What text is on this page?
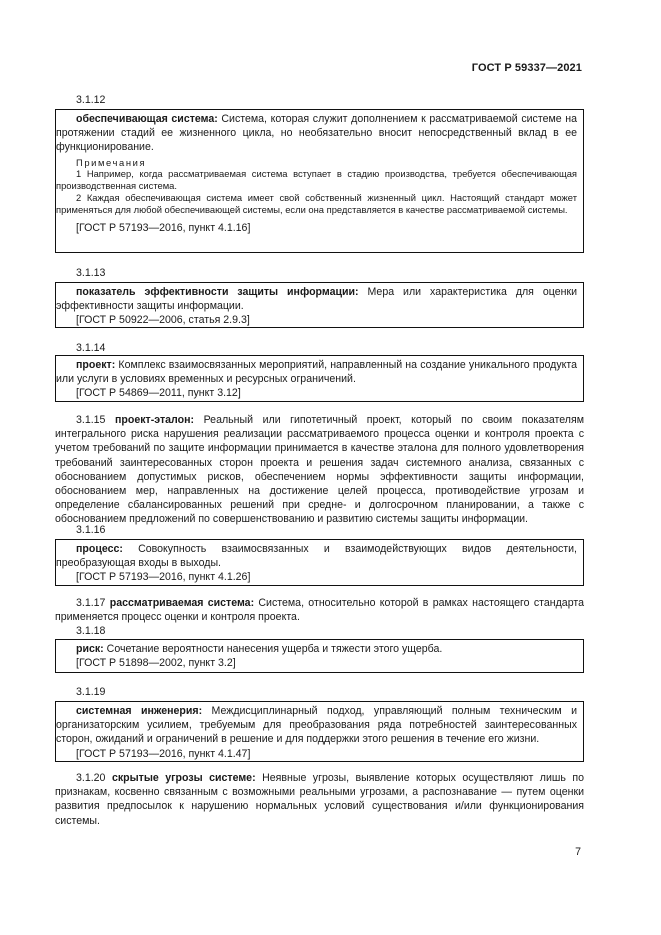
ГОСТ Р 59337—2021
3.1.12

обеспечивающая система: Система, которая служит дополнением к рассматриваемой системе на протяжении стадий ее жизненного цикла, но необязательно вносит непосредственный вклад в ее функционирование.

Примечания

1 Например, когда рассматриваемая система вступает в стадию производства, требуется обеспечивающая производственная система.

2 Каждая обеспечивающая система имеет свой собственный жизненный цикл. Настоящий стандарт может применяться для любой обеспечивающей системы, если она представляется в качестве рассматриваемой системы.

[ГОСТ Р 57193—2016, пункт 4.1.16]

3.1.13

показатель эффективности защиты информации: Мера или характеристика для оценки эффективности защиты информации.

[ГОСТ Р 50922—2006, статья 2.9.3]

3.1.14

проект: Комплекс взаимосвязанных мероприятий, направленный на создание уникального продукта или услуги в условиях временных и ресурсных ограничений.

[ГОСТ Р 54869—2011, пункт 3.12]

3.1.15 проект-эталон: Реальный или гипотетичный проект, который по своим показателям интегрального риска нарушения реализации рассматриваемого процесса оценки и контроля проекта с учетом требований по защите информации принимается в качестве эталона для полного удовлетворения требований заинтересованных сторон проекта и решения задач системного анализа, связанных с обоснованием допустимых рисков, обеспечением нормы эффективности защиты информации, обоснованием мер, направленных на достижение целей процесса, противодействие угрозам и определение сбалансированных решений при средне- и долгосрочном планировании, а также с обоснованием предложений по совершенствованию и развитию системы защиты информации.

3.1.16

процесс: Совокупность взаимосвязанных и взаимодействующих видов деятельности, преобразующая входы в выходы.

[ГОСТ Р 57193—2016, пункт 4.1.26]

3.1.17 рассматриваемая система: Система, относительно которой в рамках настоящего стандарта применяется процесс оценки и контроля проекта.

3.1.18

риск: Сочетание вероятности нанесения ущерба и тяжести этого ущерба.

[ГОСТ Р 51898—2002, пункт 3.2]

3.1.19

системная инженерия: Междисциплинарный подход, управляющий полным техническим и организаторским усилием, требуемым для преобразования ряда потребностей заинтересованных сторон, ожиданий и ограничений в решение и для поддержки этого решения в течение его жизни.

[ГОСТ Р 57193—2016, пункт 4.1.47]

3.1.20 скрытые угрозы системе: Неявные угрозы, выявление которых осуществляют лишь по признакам, косвенно связанным с возможными реальными угрозами, а распознавание — путем оценки развития предпосылок к нарушению нормальных условий существования и/или функционирования системы.

7
